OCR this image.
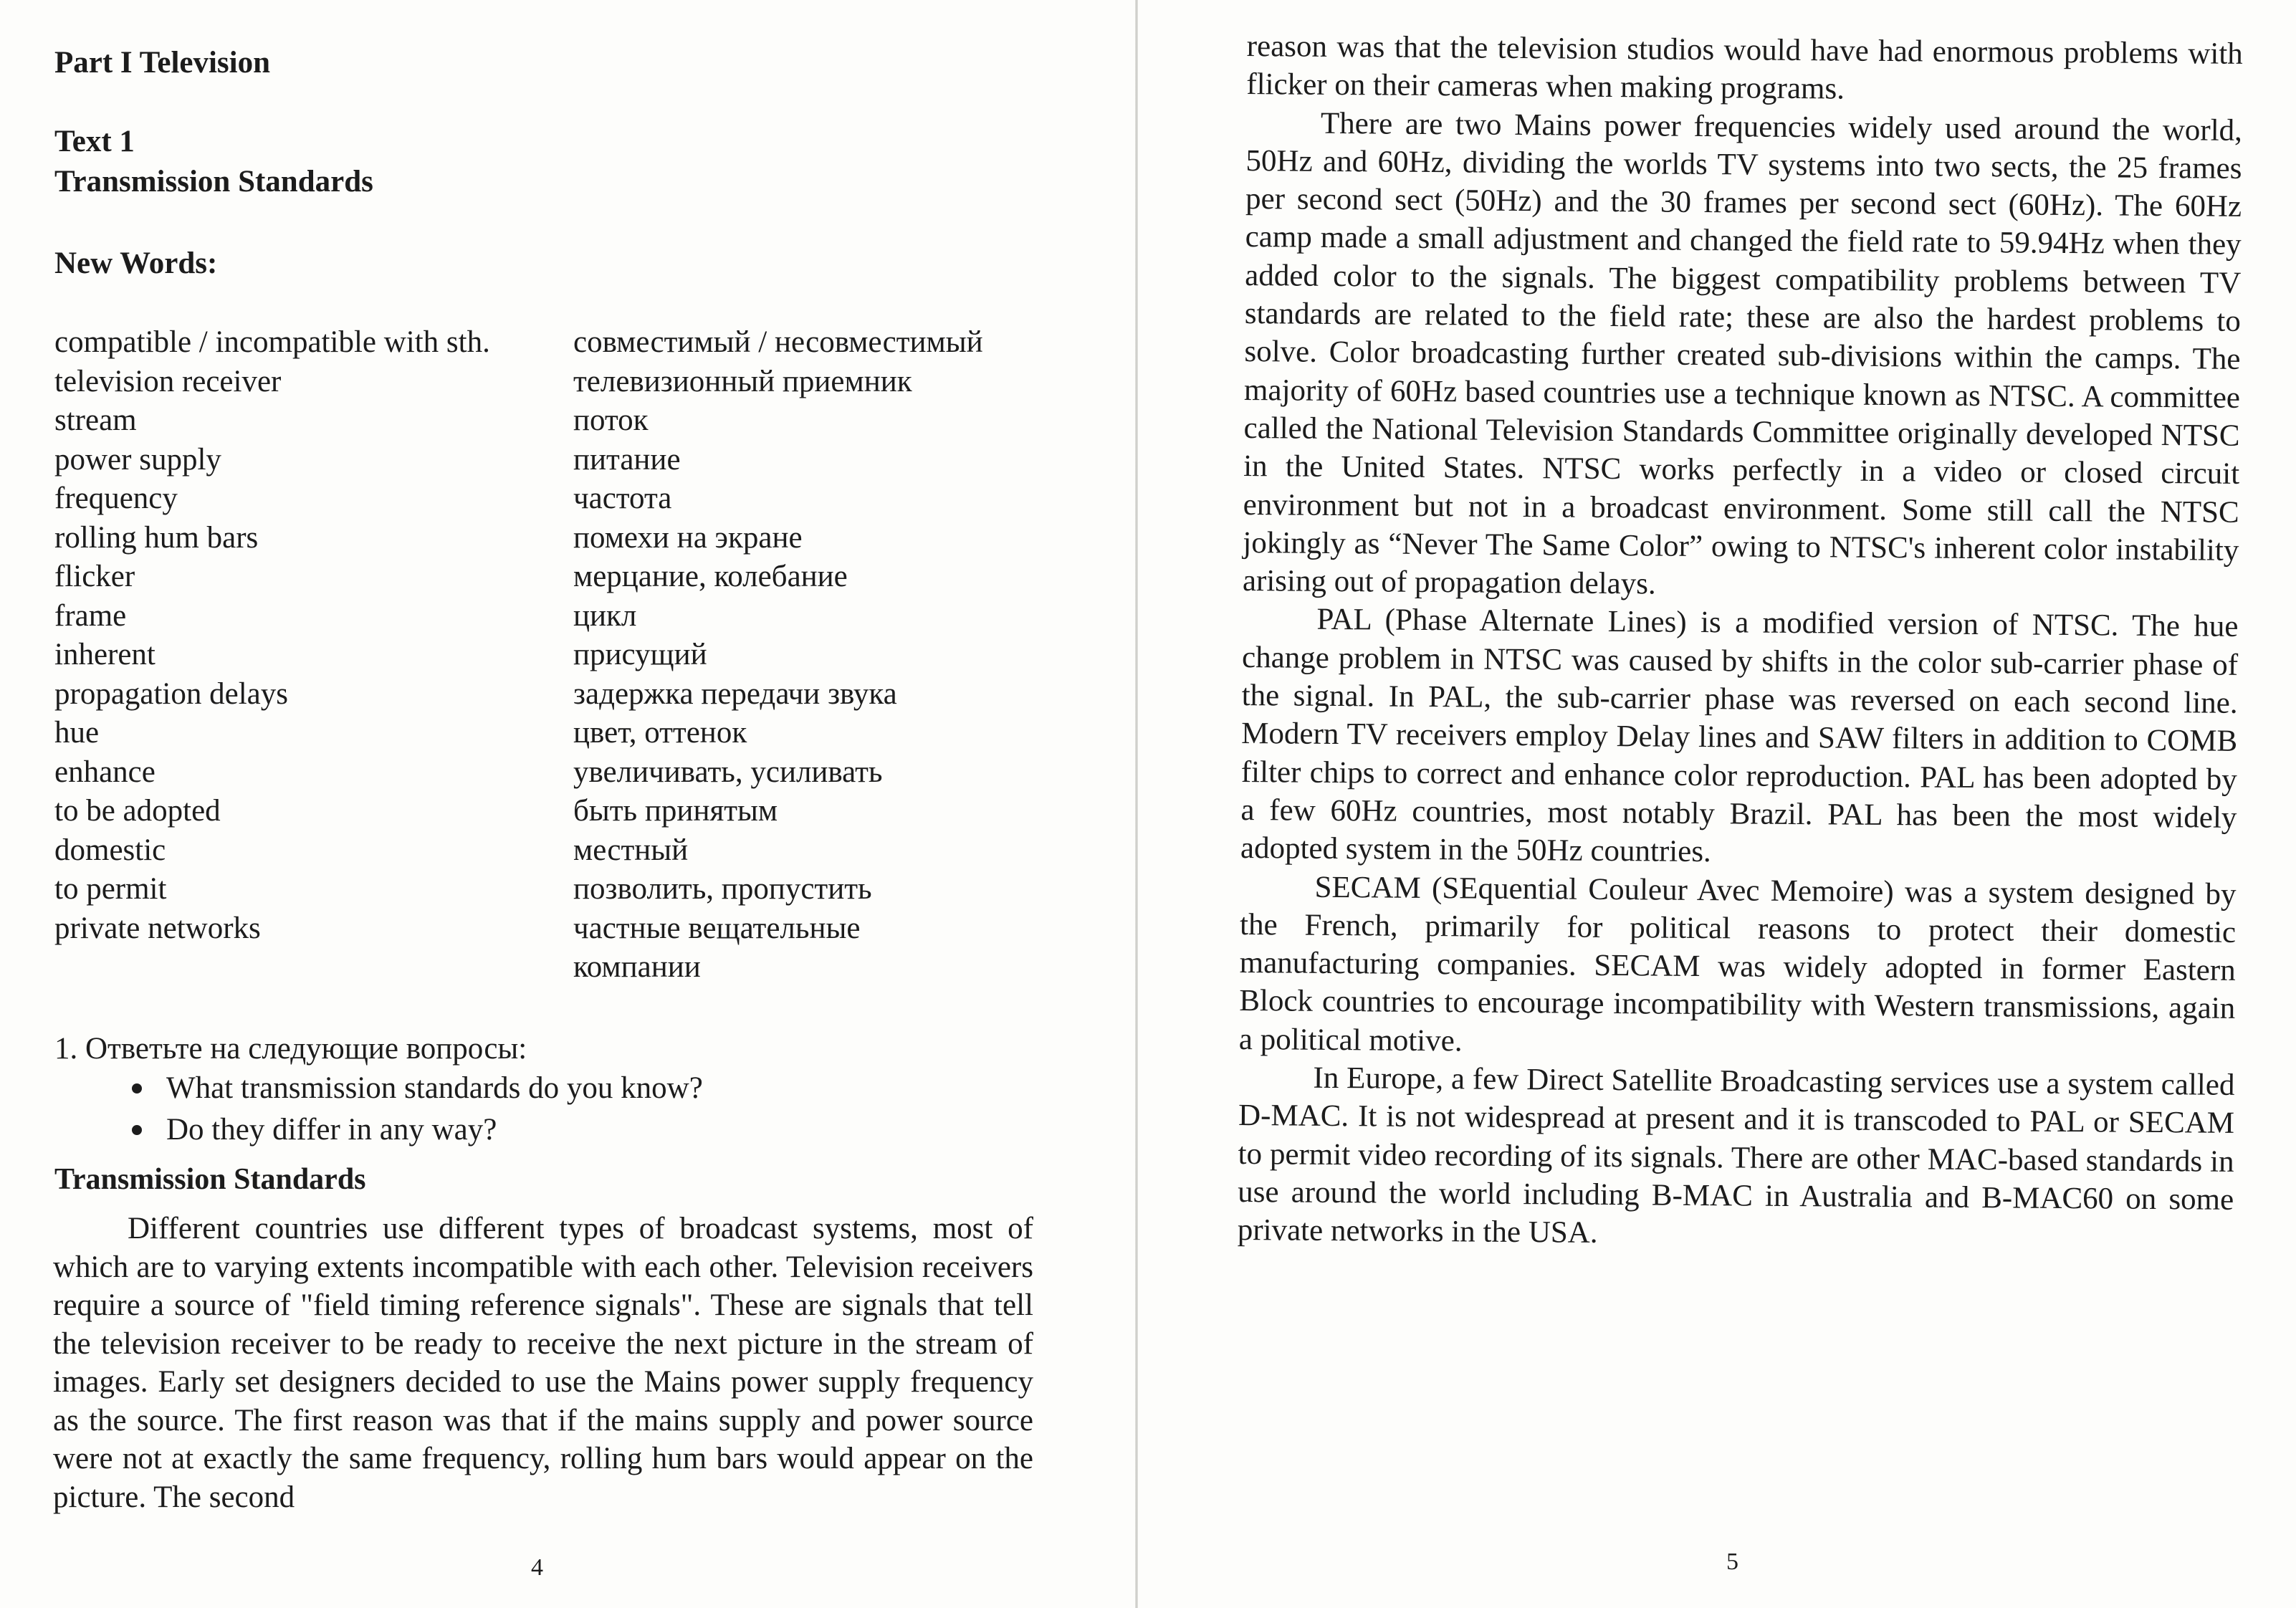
Part I Television
Text 1
Transmission Standards
New Words:
compatible / incompatible with sth.
television receiver
stream
power supply
frequency
rolling hum bars
flicker
frame
inherent
propagation delays
hue
enhance
to be adopted
domestic
to permit
private networks
совместимый / несовместимый
телевизионный приемник
поток
питание
частота
помехи на экране
мерцание, колебание
цикл
присущий
задержка передачи звука
цвет, оттенок
увеличивать, усиливать
быть принятым
местный
позволить, пропустить
частные вещательные
компании
1. Ответьте на следующие вопросы:
What transmission standards do you know?
Do they differ in any way?
Transmission Standards

Different countries use different types of broadcast systems, most of which are to varying extents incompatible with each other. Television receivers require a source of "field timing reference signals". These are signals that tell the television receiver to be ready to receive the next picture in the stream of images. Early set designers decided to use the Mains power supply frequency as the source. The first reason was that if the mains supply and power source were not at exactly the same frequency, rolling hum bars would appear on the picture. The second

4	5

reason was that the television studios would have had enormous problems with flicker on their cameras when making programs.

There are two Mains power frequencies widely used around the world, 50Hz and 60Hz, dividing the worlds TV systems into two sects, the 25 frames per second sect (50Hz) and the 30 frames per second sect (60Hz). The 60Hz camp made a small adjustment and changed the field rate to 59.94Hz when they added color to the signals. The biggest compatibility problems between TV standards are related to the field rate; these are also the hardest problems to solve. Color broadcasting further created sub-divisions within the camps. The majority of 60Hz based countries use a technique known as NTSC. A committee called the National Television Standards Committee originally developed NTSC in the United States. NTSC works perfectly in a video or closed circuit environment but not in a broadcast environment. Some still call the NTSC jokingly as “Never The Same Color” owing to NTSC's inherent color instability arising out of propagation delays.

PAL (Phase Alternate Lines) is a modified version of NTSC. The hue change problem in NTSC was caused by shifts in the color sub-carrier phase of the signal. In PAL, the sub-carrier phase was reversed on each second line. Modern TV receivers employ Delay lines and SAW filters in addition to COMB filter chips to correct and enhance color reproduction. PAL has been adopted by a few 60Hz countries, most notably Brazil. PAL has been the most widely adopted system in the 50Hz countries.

SECAM (SEquential Couleur Avec Memoire) was a system designed by the French, primarily for political reasons to protect their domestic manufacturing companies. SECAM was widely adopted in former Eastern Block countries to encourage incompatibility with Western transmissions, again a political motive.

In Europe, a few Direct Satellite Broadcasting services use a system called D-MAC. It is not widespread at present and it is transcoded to PAL or SECAM to permit video recording of its signals. There are other MAC-based standards in use around the world including B-MAC in Australia and B-MAC60 on some private networks in the USA.
